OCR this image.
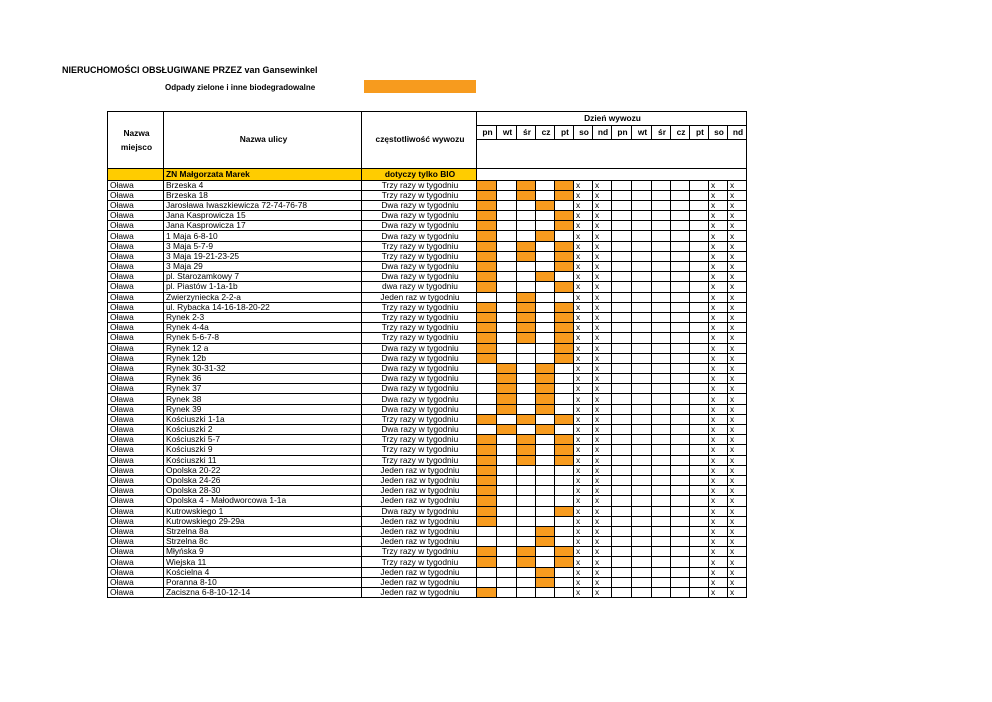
NIERUCHOMOŚCI OBSŁUGIWANE PRZEZ van Gansewinkel
Odpady zielone i inne biodegradowalne
			Dzień wywozu													
			pn	wt	śr	cz	pt	so	nd	pn	wt	śr	cz	pt	so	nd
Nazwa miejsco	Nazwa ulicy	częstotliwość wywozu														
	ZN Małgorzata Marek	dotyczy tylko BIO														
Oława	Brzeska 4	Trzy razy w tygodniu						x	x						x	x
Oława	Brzeska 18	Trzy razy w tygodniu						x	x						x	x
Oława	Jarosława Iwaszkiewicza 72-74-76-78	Dwa razy w tygodniu						x	x						x	x
Oława	Jana Kasprowicza 15	Dwa razy w tygodniu						x	x						x	x
Oława	Jana Kasprowicza 17	Dwa razy w tygodniu						x	x						x	x
Oława	1 Maja 6-8-10	Dwa razy w tygodniu						x	x						x	x
Oława	3 Maja 5-7-9	Trzy razy w tygodniu						x	x						x	x
Oława	3 Maja 19-21-23-25	Trzy razy w tygodniu						x	x						x	x
Oława	3 Maja 29	Dwa razy w tygodniu						x	x						x	x
Oława	pl. Starozamkowy 7	Dwa razy w tygodniu						x	x						x	x
Oława	pl. Piastów 1-1a-1b	dwa razy w tygodniu						x	x						x	x
Oława	Zwierzyniecka 2-2-a	Jeden raz w tygodniu						x	x						x	x
Oława	ul. Rybacka 14-16-18-20-22	Trzy razy w tygodniu						x	x						x	x
Oława	Rynek 2-3	Trzy razy w tygodniu						x	x						x	x
Oława	Rynek 4-4a	Trzy razy w tygodniu						x	x						x	x
Oława	Rynek 5-6-7-8	Trzy razy w tygodniu						x	x						x	x
Oława	Rynek 12 a	Dwa razy w tygodniu						x	x						x	x
Oława	Rynek 12b	Dwa razy w tygodniu						x	x						x	x
Oława	Rynek 30-31-32	Dwa razy w tygodniu						x	x						x	x
Oława	Rynek 36	Dwa razy w tygodniu						x	x						x	x
Oława	Rynek 37	Dwa razy w tygodniu						x	x						x	x
Oława	Rynek 38	Dwa razy w tygodniu						x	x						x	x
Oława	Rynek 39	Dwa razy w tygodniu						x	x						x	x
Oława	Kościuszki 1-1a	Trzy razy w tygodniu						x	x						x	x
Oława	Kościuszki 2	Dwa razy w tygodniu						x	x						x	x
Oława	Kościuszki 5-7	Trzy razy w tygodniu						x	x						x	x
Oława	Kościuszki 9	Trzy razy w tygodniu						x	x						x	x
Oława	Kościuszki 11	Trzy razy w tygodniu						x	x						x	x
Oława	Opolska 20-22	Jeden raz w tygodniu						x	x						x	x
Oława	Opolska 24-26	Jeden raz w tygodniu						x	x						x	x
Oława	Opolska 28-30	Jeden raz w tygodniu						x	x						x	x
Oława	Opolska 4 - Małodworcowa 1-1a	Jeden raz w tygodniu						x	x						x	x
Oława	Kutrowskiego 1	Dwa razy w tygodniu						x	x						x	x
Oława	Kutrowskiego 29-29a	Jeden raz w tygodniu						x	x						x	x
Oława	Strzelna 8a	Jeden raz w tygodniu						x	x						x	x
Oława	Strzelna 8c	Jeden raz w tygodniu						x	x						x	x
Oława	Młyńska 9	Trzy razy w tygodniu						x	x						x	x
Oława	Wiejska 11	Trzy razy w tygodniu						x	x						x	x
Oława	Kościelna 4	Jeden raz w tygodniu						x	x						x	x
Oława	Poranna 8-10	Jeden raz w tygodniu						x	x						x	x
Oława	Zaciszna 6-8-10-12-14	Jeden raz w tygodniu						x	x						x	x
